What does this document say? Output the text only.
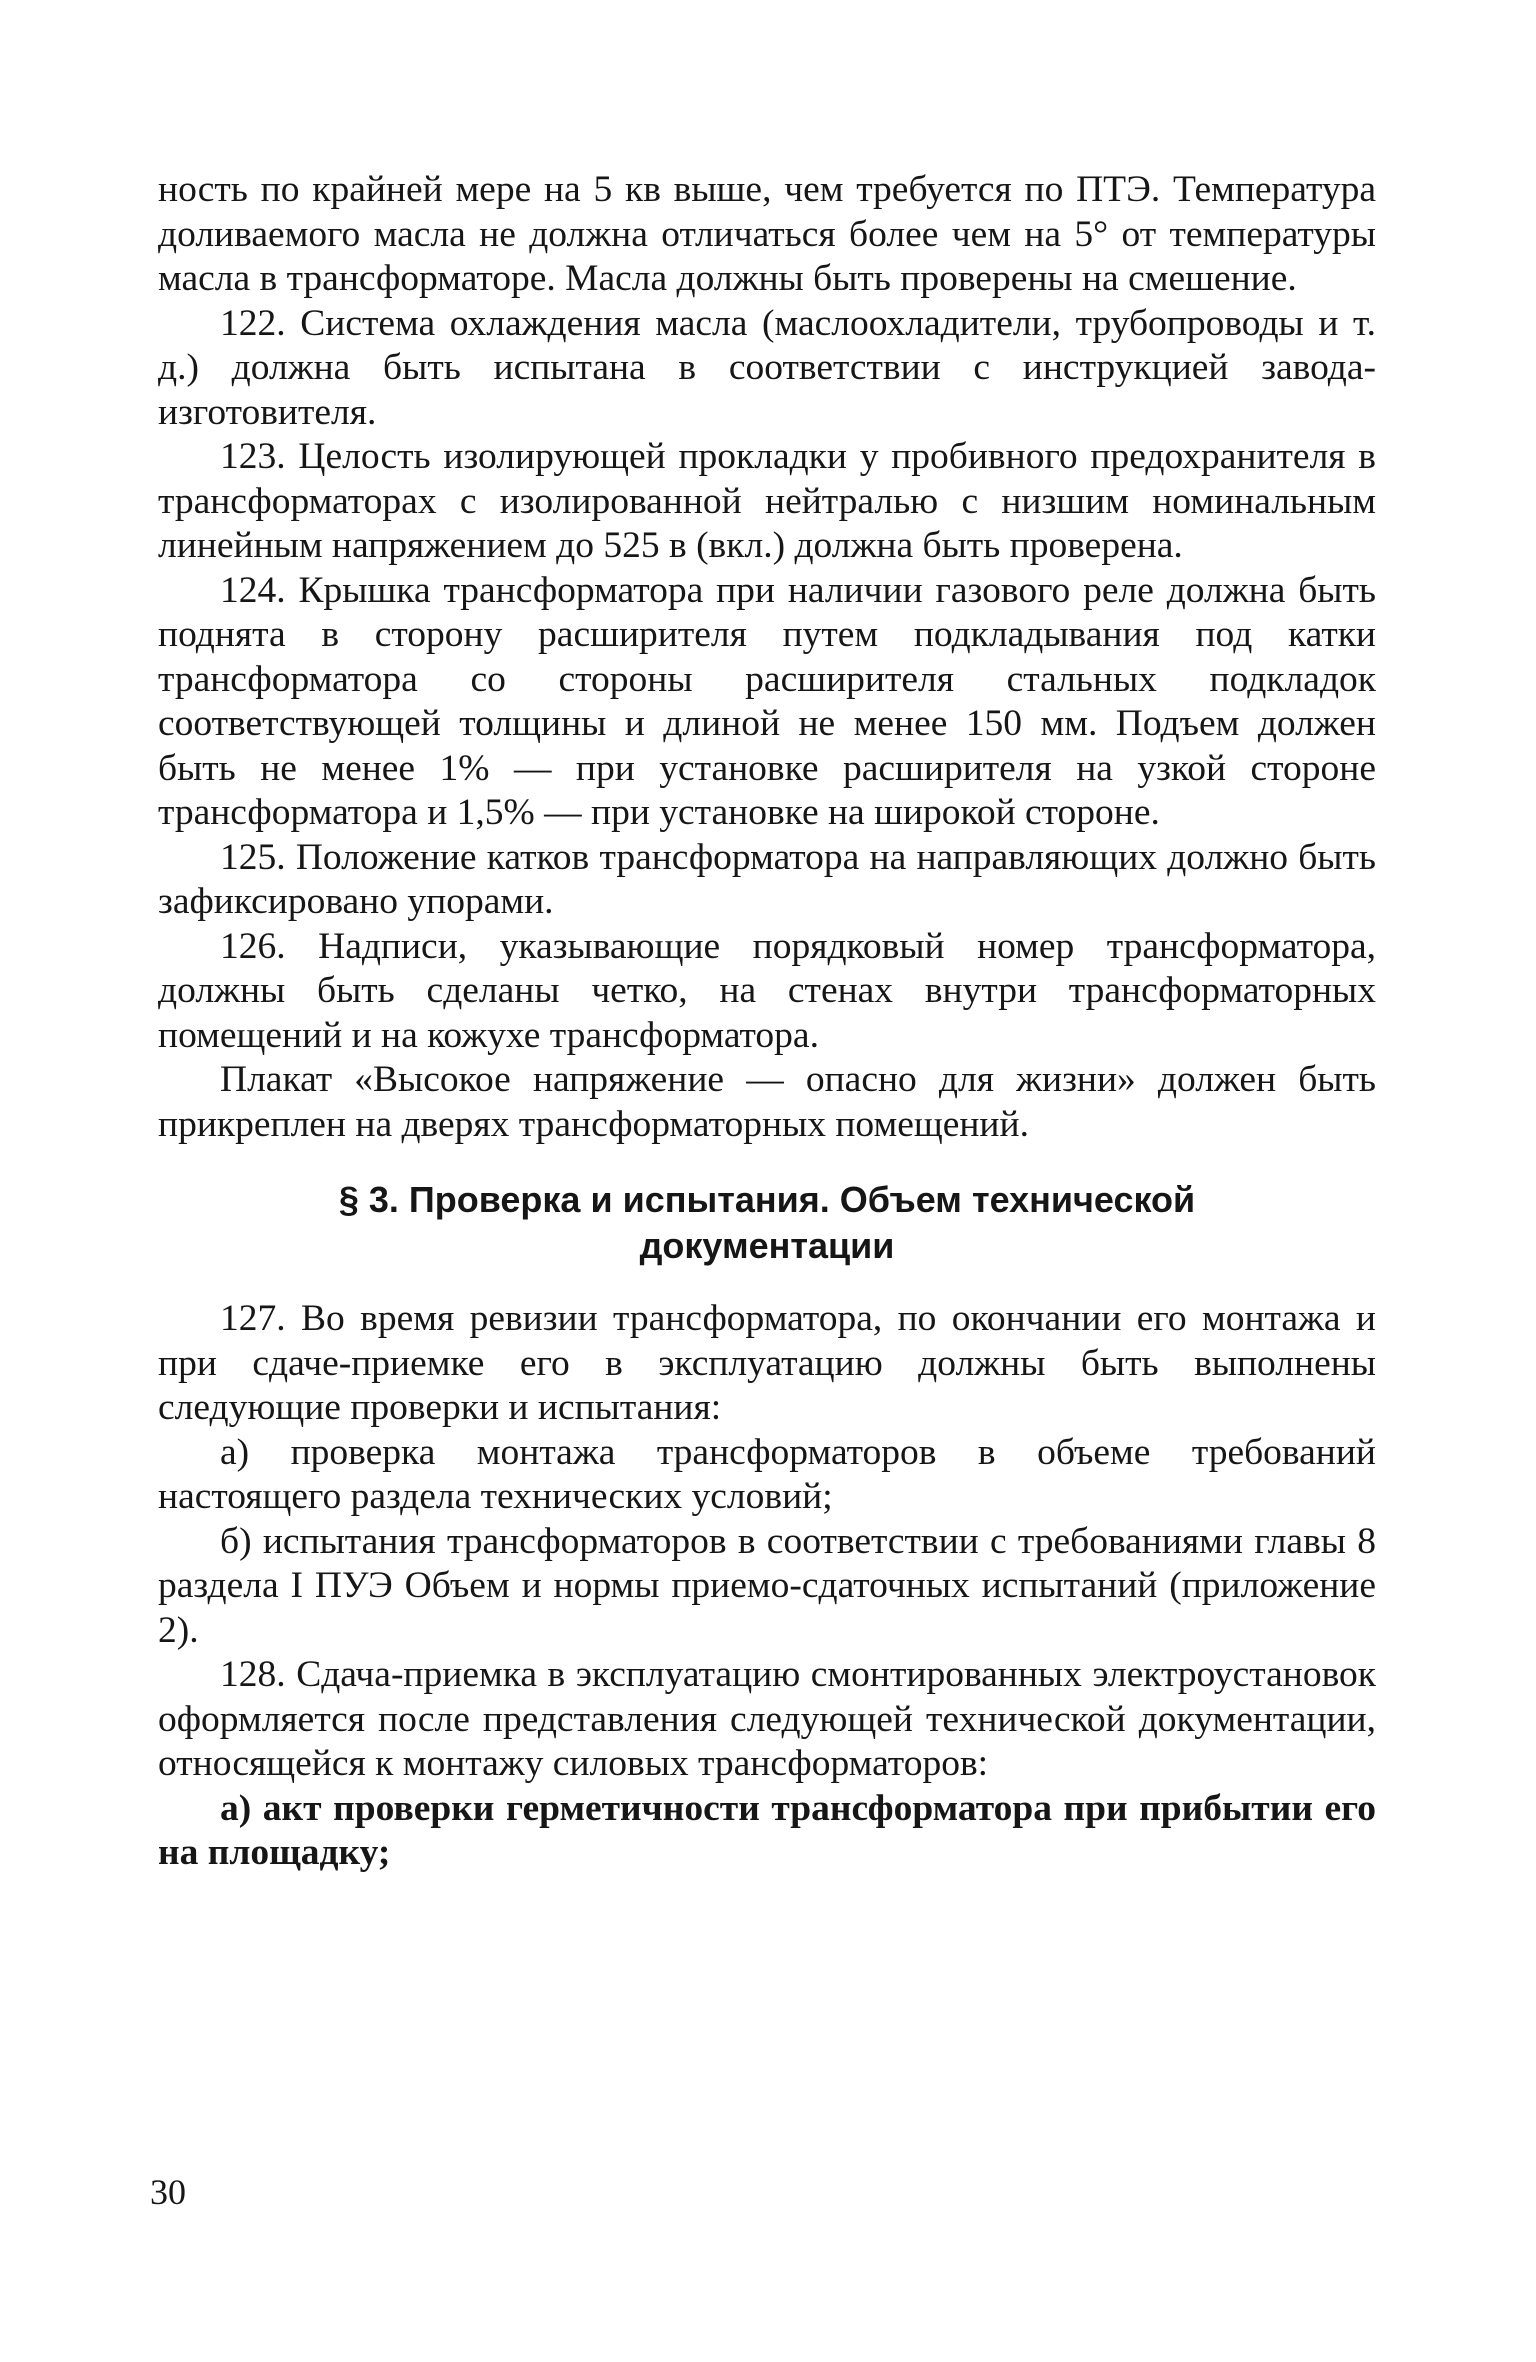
ность по крайней мере на 5 кв выше, чем требуется по ПТЭ. Температура доливаемого масла не должна отличаться более чем на 5° от температуры масла в трансформаторе. Масла должны быть проверены на смешение.

122. Система охлаждения масла (маслоохладители, трубопроводы и т. д.) должна быть испытана в соответствии с инструкцией завода-изготовителя.

123. Целость изолирующей прокладки у пробивного предохранителя в трансформаторах с изолированной нейтралью с низшим номинальным линейным напряжением до 525 в (вкл.) должна быть проверена.

124. Крышка трансформатора при наличии газового реле должна быть поднята в сторону расширителя путем подкладывания под катки трансформатора со стороны расширителя стальных подкладок соответствующей толщины и длиной не менее 150 мм. Подъем должен быть не менее 1% — при установке расширителя на узкой стороне трансформатора и 1,5% — при установке на широкой стороне.

125. Положение катков трансформатора на направляющих должно быть зафиксировано упорами.

126. Надписи, указывающие порядковый номер трансформатора, должны быть сделаны четко, на стенах внутри трансформаторных помещений и на кожухе трансформатора.

Плакат «Высокое напряжение — опасно для жизни» должен быть прикреплен на дверях трансформаторных помещений.

§ 3. Проверка и испытания. Объем технической документации

127. Во время ревизии трансформатора, по окончании его монтажа и при сдаче-приемке его в эксплуатацию должны быть выполнены следующие проверки и испытания:

а) проверка монтажа трансформаторов в объеме требований настоящего раздела технических условий;

б) испытания трансформаторов в соответствии с требованиями главы 8 раздела I ПУЭ Объем и нормы приемо-сдаточных испытаний (приложение 2).

128. Сдача-приемка в эксплуатацию смонтированных электроустановок оформляется после представления следующей технической документации, относящейся к монтажу силовых трансформаторов:

а) акт проверки герметичности трансформатора при прибытии его на площадку;

30
